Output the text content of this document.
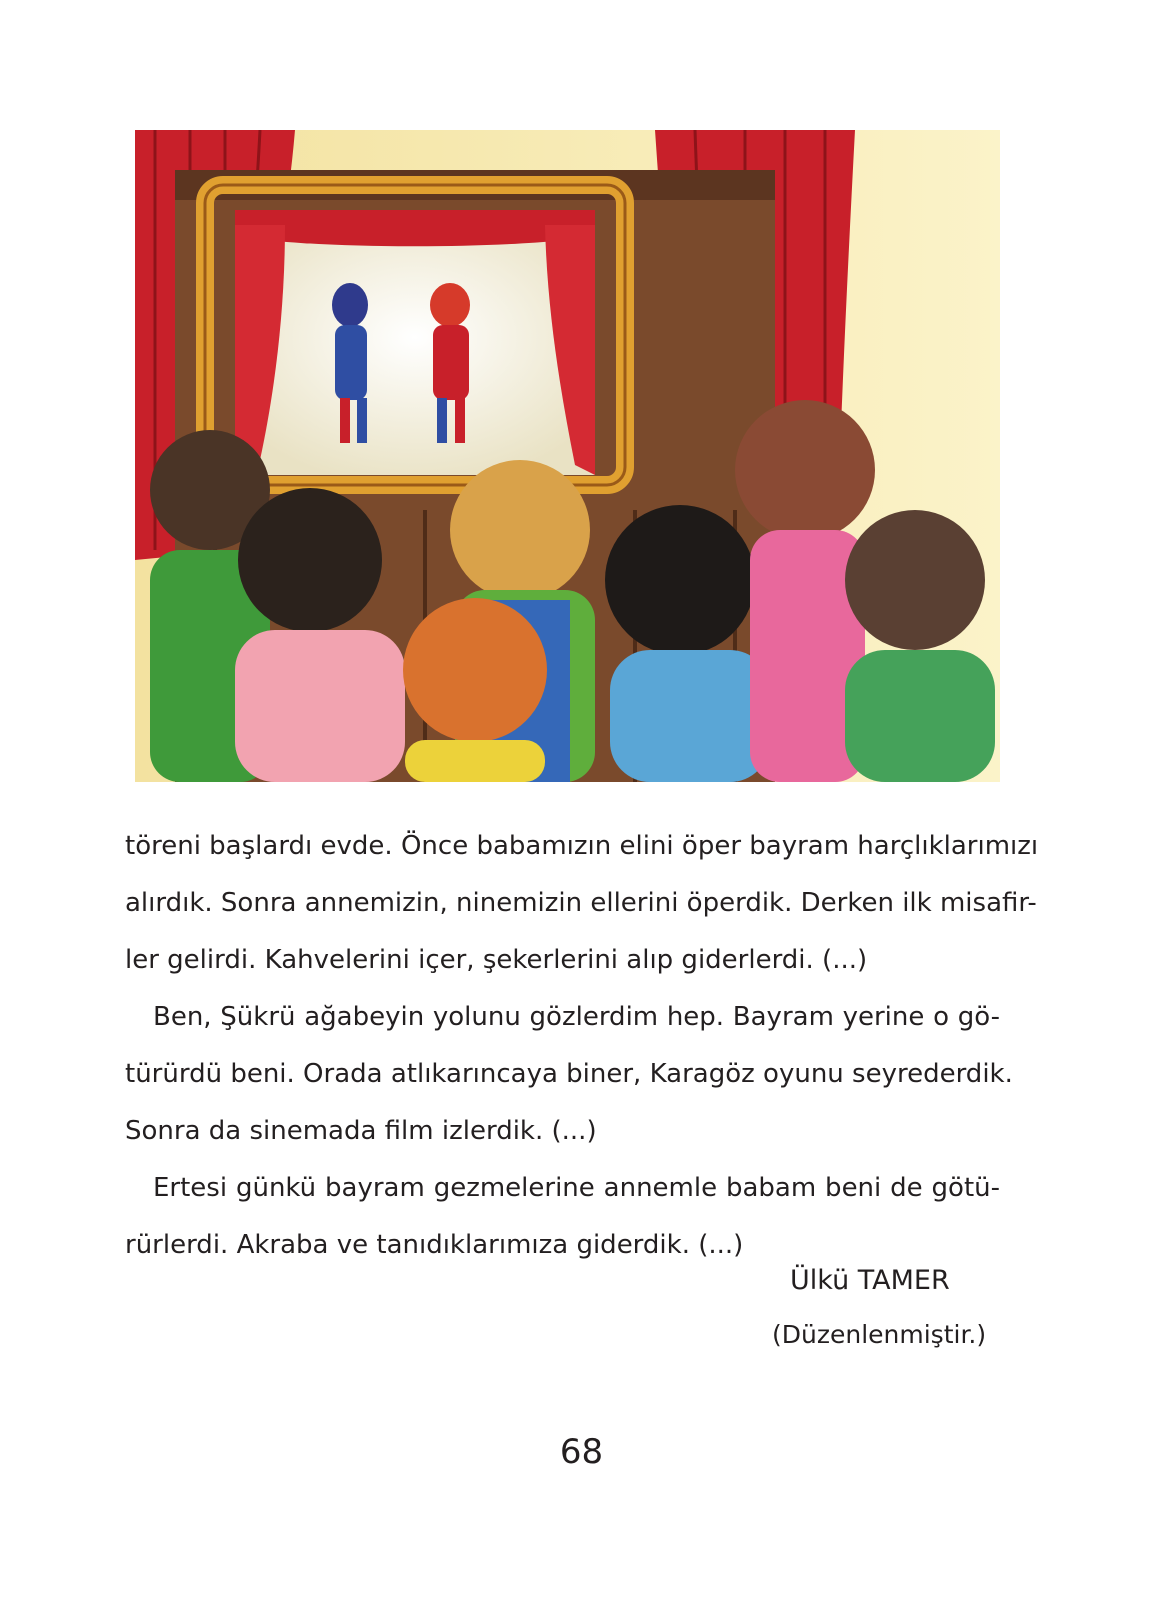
töreni başlardı evde. Önce babamızın elini öper bayram harçlıklarımızı
alırdık. Sonra annemizin, ninemizin ellerini öperdik. Derken ilk misafir-
ler gelirdi. Kahvelerini içer, şekerlerini alıp giderlerdi. (...)

Ben, Şükrü ağabeyin yolunu gözlerdim hep. Bayram yerine o gö-
türürdü beni. Orada atlıkarıncaya biner, Karagöz oyunu seyrederdik.
Sonra da sinemada film izlerdik. (...)

Ertesi günkü bayram gezmelerine annemle babam beni de götü-
rürlerdi. Akraba ve tanıdıklarımıza giderdik. (...)

Ülkü TAMER
(Düzenlenmiştir.)
68
